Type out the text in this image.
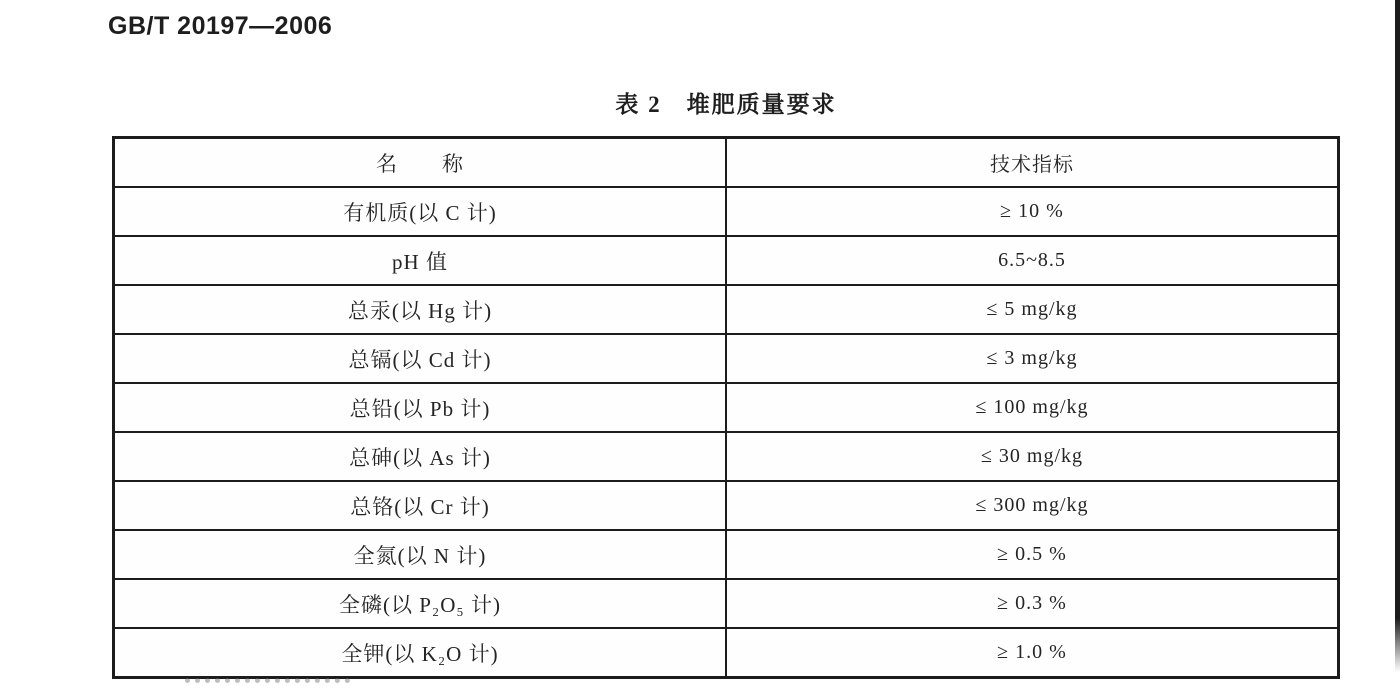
GB/T 20197—2006
表 2　堆肥质量要求
名　　称	技术指标
有机质(以 C 计)	≥ 10 %
pH 值	6.5~8.5
总汞(以 Hg 计)	≤ 5 mg/kg
总镉(以 Cd 计)	≤ 3 mg/kg
总铅(以 Pb 计)	≤ 100 mg/kg
总砷(以 As 计)	≤ 30 mg/kg
总铬(以 Cr 计)	≤ 300 mg/kg
全氮(以 N 计)	≥ 0.5 %
全磷(以 P₂O₅ 计)	≥ 0.3 %
全钾(以 K₂O 计)	≥ 1.0 %
